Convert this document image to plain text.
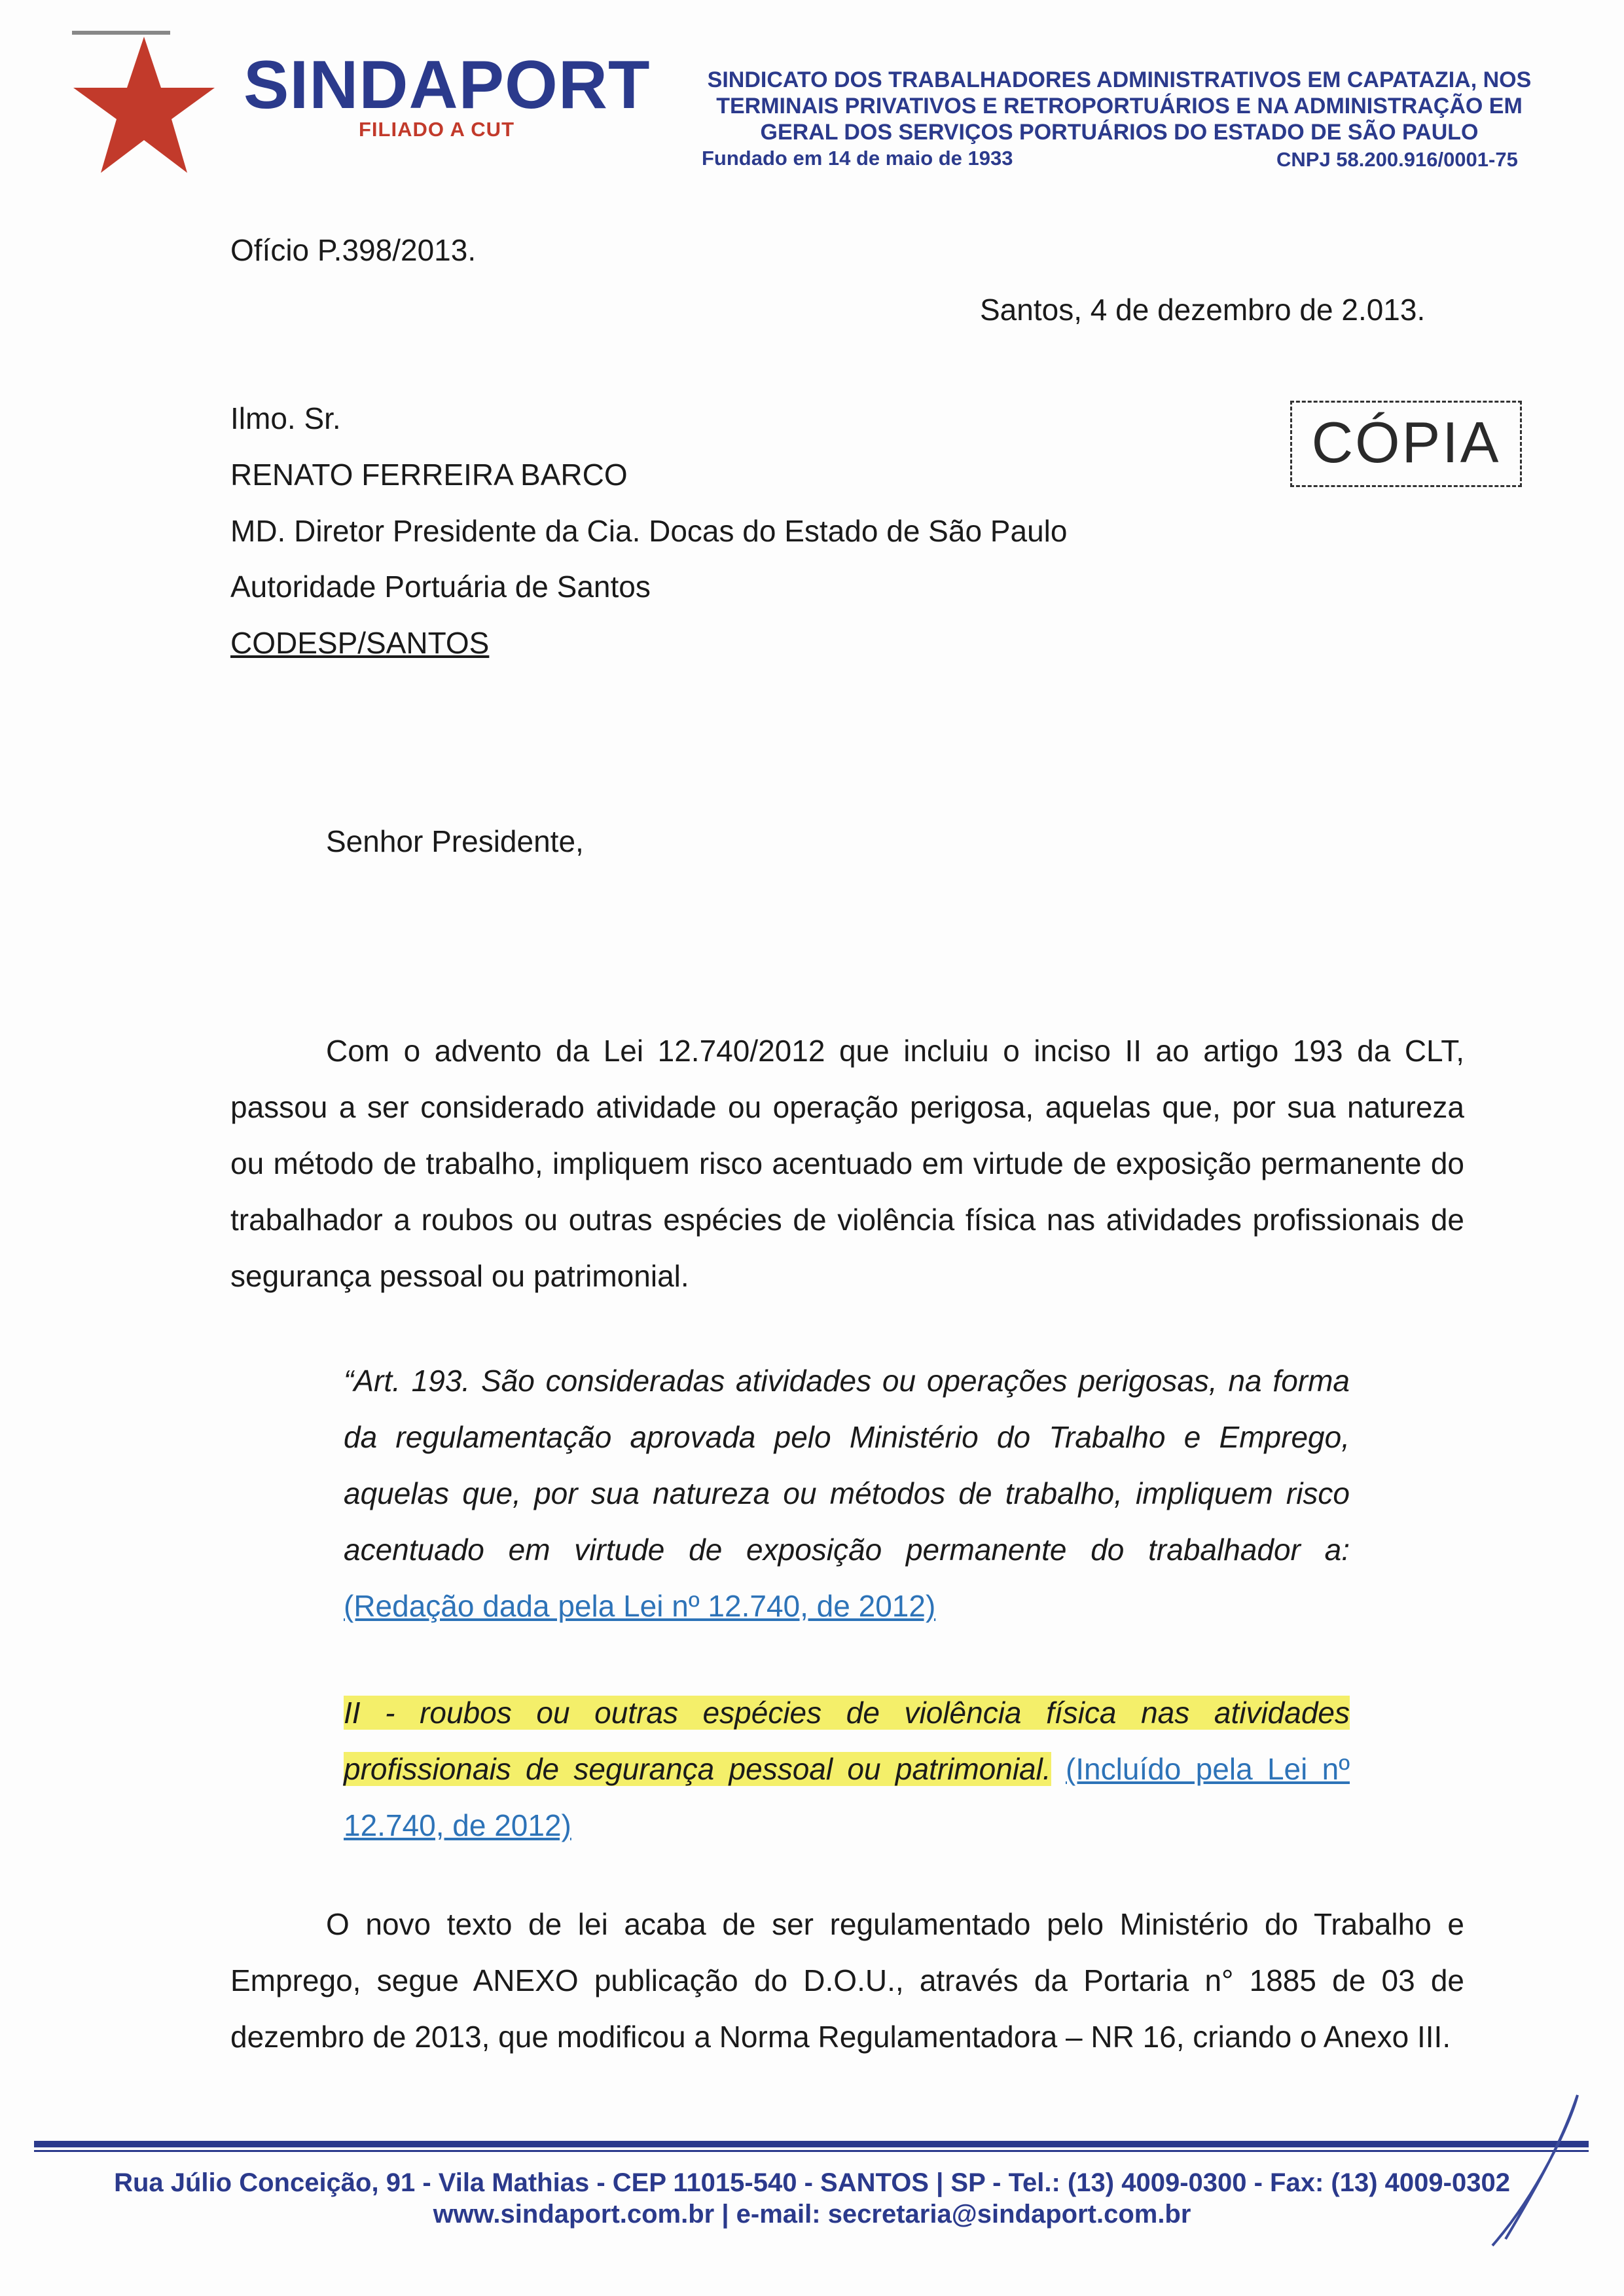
SINDAPORT
FILIADO A CUT
SINDICATO DOS TRABALHADORES ADMINISTRATIVOS EM CAPATAZIA, NOS
TERMINAIS PRIVATIVOS E RETROPORTUÁRIOS E NA ADMINISTRAÇÃO EM
GERAL DOS SERVIÇOS PORTUÁRIOS DO ESTADO DE SÃO PAULO
Fundado em 14 de maio de 1933	CNPJ 58.200.916/0001-75
Ofício P.398/2013.
Santos, 4 de dezembro de 2.013.
CÓPIA
Ilmo. Sr.
RENATO FERREIRA BARCO
MD. Diretor Presidente da Cia. Docas do Estado de São Paulo
Autoridade Portuária de Santos
CODESP/SANTOS
Senhor Presidente,
Com o advento da Lei 12.740/2012 que incluiu o inciso II ao artigo 193 da CLT, passou a ser considerado atividade ou operação perigosa, aquelas que, por sua natureza ou método de trabalho, impliquem risco acentuado em virtude de exposição permanente do trabalhador a roubos ou outras espécies de violência física nas atividades profissionais de segurança pessoal ou patrimonial.
“Art. 193. São consideradas atividades ou operações perigosas, na forma da regulamentação aprovada pelo Ministério do Trabalho e Emprego, aquelas que, por sua natureza ou métodos de trabalho, impliquem risco acentuado em virtude de exposição permanente do trabalhador a: (Redação dada pela Lei nº 12.740, de 2012)
II - roubos ou outras espécies de violência física nas atividades profissionais de segurança pessoal ou patrimonial. (Incluído pela Lei nº 12.740, de 2012)
O novo texto de lei acaba de ser regulamentado pelo Ministério do Trabalho e Emprego, segue ANEXO publicação do D.O.U., através da Portaria n° 1885 de 03 de dezembro de 2013, que modificou a Norma Regulamentadora – NR 16, criando o Anexo III.
Rua Júlio Conceição, 91 - Vila Mathias - CEP 11015-540 - SANTOS | SP - Tel.: (13) 4009-0300 - Fax: (13) 4009-0302
www.sindaport.com.br | e-mail: secretaria@sindaport.com.br
